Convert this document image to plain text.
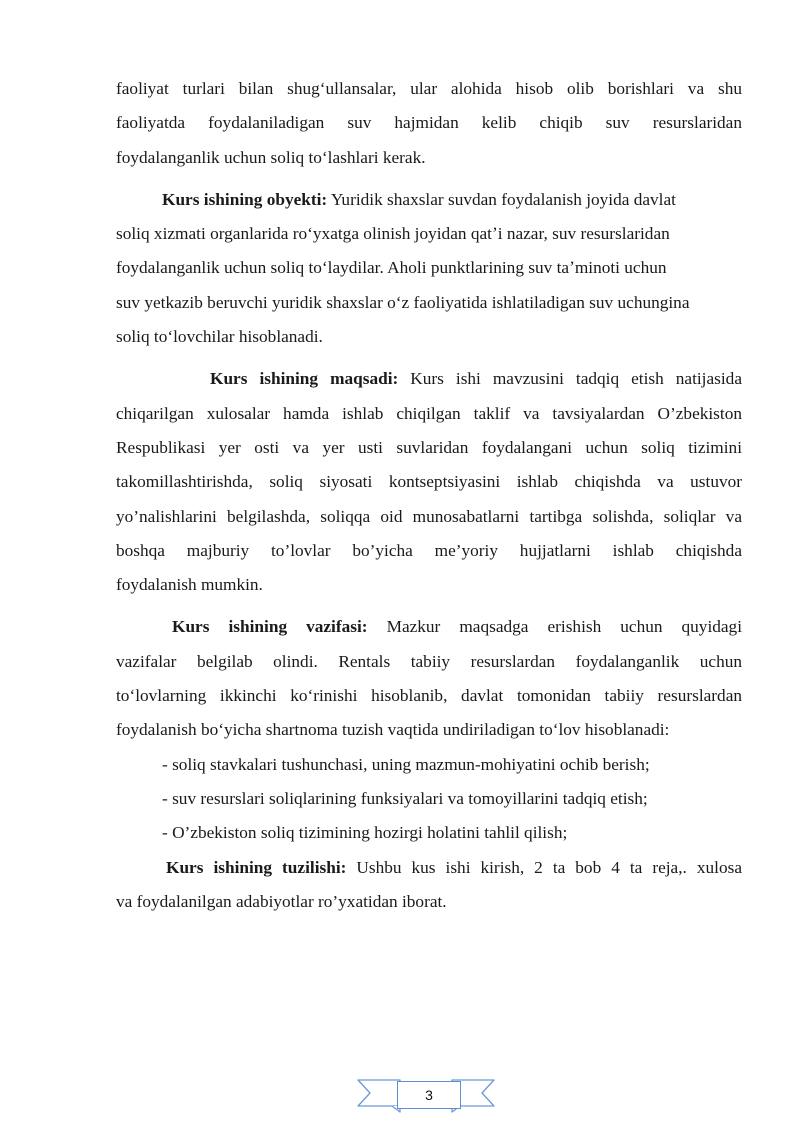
faoliyat turlari bilan shugʻullansalar, ular alohida hisob olib borishlari va shu

faoliyatda foydalaniladigan suv hajmidan kelib chiqib suv resurslaridan

foydalanganlik uchun soliq toʻlashlari kerak.

Kurs ishining obyekti: Yuridik shaxslar suvdan foydalanish joyida davlat

soliq xizmati organlarida roʻyxatga olinish joyidan qatʼi nazar, suv resurslaridan

foydalanganlik uchun soliq toʻlaydilar. Aholi punktlarining suv taʼminoti uchun

suv yetkazib beruvchi yuridik shaxslar oʻz faoliyatida ishlatiladigan suv uchungina

soliq toʻlovchilar hisoblanadi.

Kurs ishining maqsadi: Kurs ishi mavzusini tadqiq etish natijasida

chiqarilgan xulosalar hamda ishlab chiqilgan taklif va tavsiyalardan O’zbekiston

Respublikasi yer osti va yer usti suvlaridan foydalangani uchun soliq tizimini

takomillashtirishda, soliq siyosati kontseptsiyasini ishlab chiqishda va ustuvor

yo’nalishlarini belgilashda, soliqqa oid munosabatlarni tartibga solishda, soliqlar va

boshqa majburiy to’lovlar bo’yicha me’yoriy hujjatlarni ishlab chiqishda

foydalanish mumkin.

Kurs ishining vazifasi: Mazkur maqsadga erishish uchun quyidagi

vazifalar belgilab olindi. Rentals tabiiy resurslardan foydalanganlik uchun

toʻlovlarning ikkinchi koʻrinishi hisoblanib, davlat tomonidan tabiiy resurslardan

foydalanish boʻyicha shartnoma tuzish vaqtida undiriladigan toʻlov hisoblanadi:

- soliq stavkalari tushunchasi, uning mazmun-mohiyatini ochib berish;

- suv resurslari soliqlarining funksiyalari va tomoyillarini tadqiq etish;

- O’zbekiston soliq tizimining hozirgi holatini tahlil qilish;

Kurs ishining tuzilishi: Ushbu kus ishi kirish, 2 ta bob 4 ta reja,. xulosa

va foydalanilgan adabiyotlar ro’yxatidan iborat.

3
